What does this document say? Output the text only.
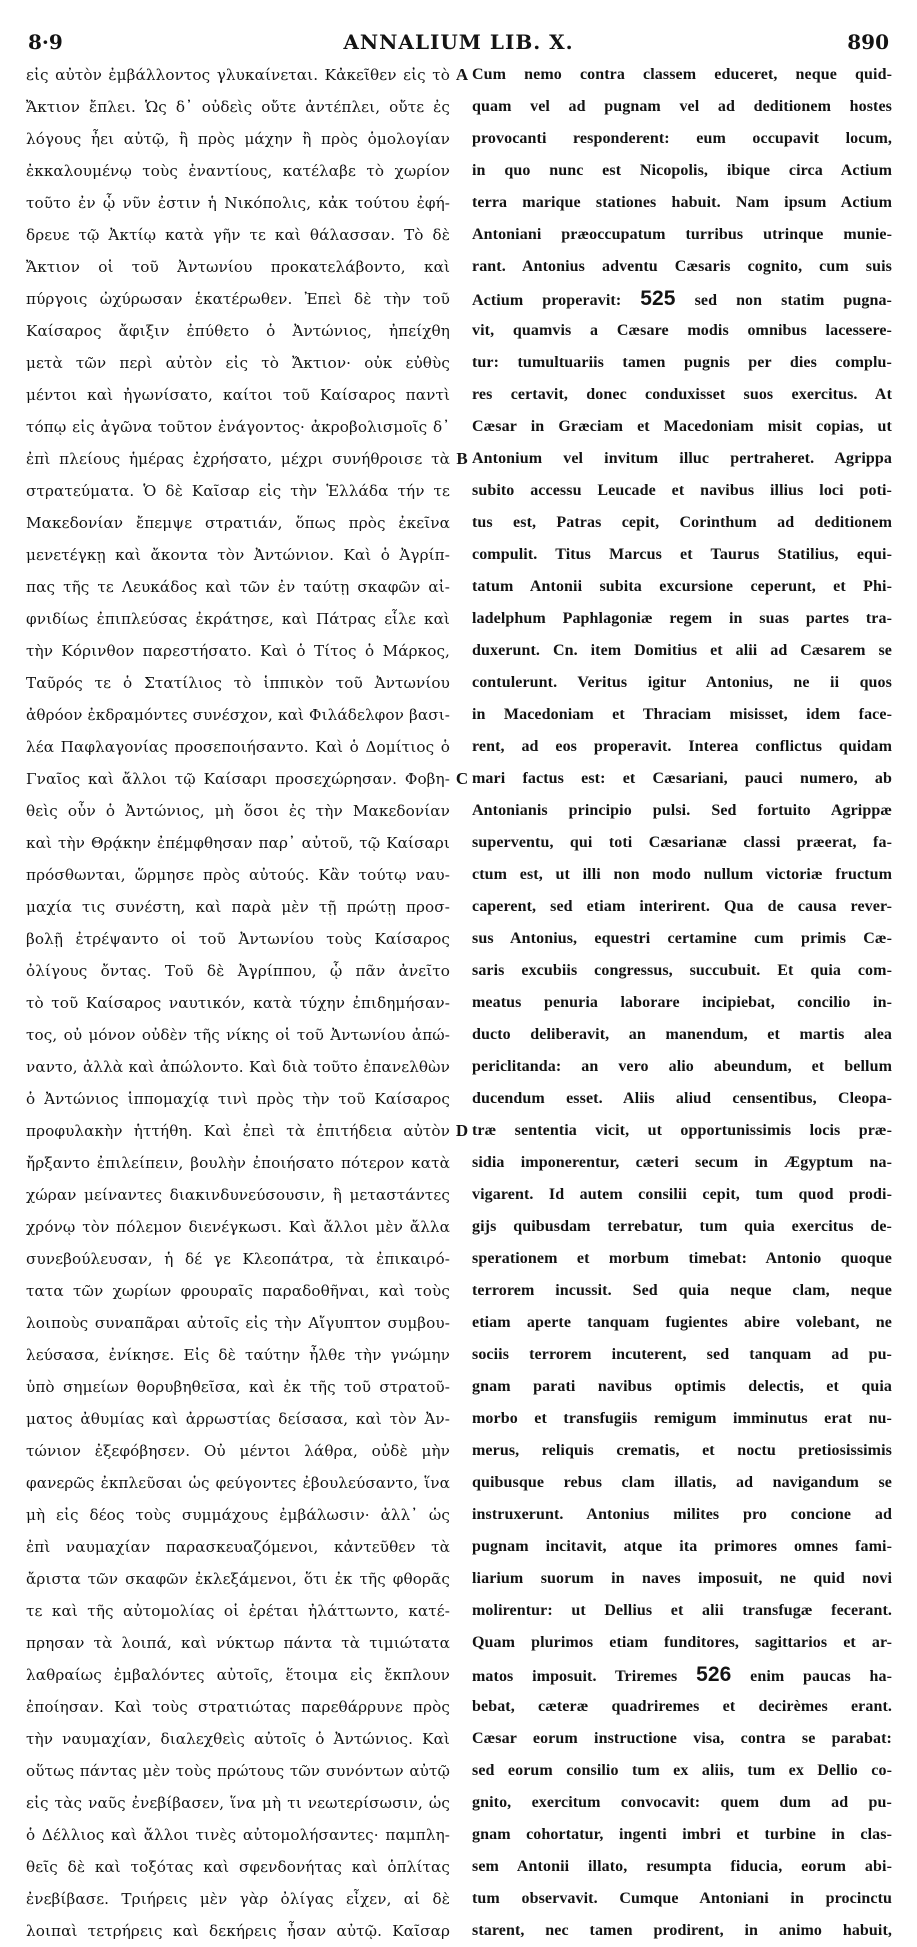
8·9	ANNALIUM LIB. X.	890
εἰς αὐτὸν ἐμβάλλοντος γλυκαίνεται. Κἀκεῖθεν εἰς τὸ
Ἄκτιον ἔπλει. Ὡς δ᾽ οὐδεὶς οὔτε ἀντέπλει, οὔτε ἐς
λόγους ἦει αὐτῷ, ἢ πρὸς μάχην ἢ πρὸς ὁμολογίαν
ἐκκαλουμένῳ τοὺς ἐναντίους, κατέλαβε τὸ χωρίον
τοῦτο ἐν ᾧ νῦν ἐστιν ἡ Νικόπολις, κἀκ τούτου ἐφή-
δρευε τῷ Ἀκτίῳ κατὰ γῆν τε καὶ θάλασσαν. Τὸ δὲ
Ἄκτιον οἱ τοῦ Ἀντωνίου προκατελάβοντο, καὶ
πύργοις ὠχύρωσαν ἑκατέρωθεν. Ἐπεὶ δὲ τὴν τοῦ
Καίσαρος ἄφιξιν ἐπύθετο ὁ Ἀντώνιος, ἠπείχθη
μετὰ τῶν περὶ αὐτὸν εἰς τὸ Ἄκτιον· οὐκ εὐθὺς
μέντοι καὶ ἠγωνίσατο, καίτοι τοῦ Καίσαρος παντὶ
τόπῳ εἰς ἀγῶνα τοῦτον ἐνάγοντος· ἀκροβολισμοῖς δ᾽
ἐπὶ πλείους ἡμέρας ἐχρήσατο, μέχρι συνήθροισε τὰ
στρατεύματα. Ὁ δὲ Καῖσαρ εἰς τὴν Ἑλλάδα τήν τε
Μακεδονίαν ἔπεμψε στρατιάν, ὅπως πρὸς ἐκεῖνα
μενετέγκῃ καὶ ἄκοντα τὸν Ἀντώνιον. Καὶ ὁ Ἀγρίπ-
πας τῆς τε Λευκάδος καὶ τῶν ἐν ταύτῃ σκαφῶν αἰ-
φνιδίως ἐπιπλεύσας ἐκράτησε, καὶ Πάτρας εἷλε καὶ
τὴν Κόρινθον παρεστήσατο. Καὶ ὁ Τίτος ὁ Μάρκος,
Ταῦρός τε ὁ Στατίλιος τὸ ἱππικὸν τοῦ Ἀντωνίου
ἀθρόον ἐκδραμόντες συνέσχον, καὶ Φιλάδελφον βασι-
λέα Παφλαγονίας προσεποιήσαντο. Καὶ ὁ Δομίτιος ὁ
Γναῖος καὶ ἄλλοι τῷ Καίσαρι προσεχώρησαν. Φοβη-
θεὶς οὖν ὁ Ἀντώνιος, μὴ ὅσοι ἐς τὴν Μακεδονίαν
καὶ τὴν Θρᾴκην ἐπέμφθησαν παρ᾽ αὐτοῦ, τῷ Καίσαρι
πρόσθωνται, ὥρμησε πρὸς αὐτούς. Κἂν τούτῳ ναυ-
μαχία τις συνέστη, καὶ παρὰ μὲν τῇ πρώτῃ προσ-
βολῇ ἐτρέψαντο οἱ τοῦ Ἀντωνίου τοὺς Καίσαρος
ὀλίγους ὄντας. Τοῦ δὲ Ἀγρίππου, ᾧ πᾶν ἀνεῖτο
τὸ τοῦ Καίσαρος ναυτικόν, κατὰ τύχην ἐπιδημήσαν-
τος, οὐ μόνον οὐδὲν τῆς νίκης οἱ τοῦ Ἀντωνίου ἀπώ-
ναντο, ἀλλὰ καὶ ἀπώλοντο. Καὶ διὰ τοῦτο ἐπανελθὼν
ὁ Ἀντώνιος ἱππομαχίᾳ τινὶ πρὸς τὴν τοῦ Καίσαρος
προφυλακὴν ἡττήθη. Καὶ ἐπεὶ τὰ ἐπιτήδεια αὐτὸν
ἤρξαντο ἐπιλείπειν, βουλὴν ἐποιήσατο πότερον κατὰ
χώραν μείναντες διακινδυνεύσουσιν, ἢ μεταστάντες
χρόνῳ τὸν πόλεμον διενέγκωσι. Καὶ ἄλλοι μὲν ἄλλα
συνεβούλευσαν, ἡ δέ γε Κλεοπάτρα, τὰ ἐπικαιρό-
τατα τῶν χωρίων φρουραῖς παραδοθῆναι, καὶ τοὺς
λοιποὺς συναπᾶραι αὐτοῖς εἰς τὴν Αἴγυπτον συμβου-
λεύσασα, ἐνίκησε. Εἰς δὲ ταύτην ἦλθε τὴν γνώμην
ὑπὸ σημείων θορυβηθεῖσα, καὶ ἐκ τῆς τοῦ στρατοῦ-
ματος ἀθυμίας καὶ ἀρρωστίας δείσασα, καὶ τὸν Ἀν-
τώνιον ἐξεφόβησεν. Οὐ μέντοι λάθρα, οὐδὲ μὴν
φανερῶς ἐκπλεῦσαι ὡς φεύγοντες ἐβουλεύσαντο, ἵνα
μὴ εἰς δέος τοὺς συμμάχους ἐμβάλωσιν· ἀλλ᾽ ὡς
ἐπὶ ναυμαχίαν παρασκευαζόμενοι, κἀντεῦθεν τὰ
ἄριστα τῶν σκαφῶν ἐκλεξάμενοι, ὅτι ἐκ τῆς φθορᾶς
τε καὶ τῆς αὐτομολίας οἱ ἐρέται ἠλάττωντο, κατέ-
πρησαν τὰ λοιπά, καὶ νύκτωρ πάντα τὰ τιμιώτατα
λαθραίως ἐμβαλόντες αὐτοῖς, ἕτοιμα εἰς ἔκπλουν
ἐποίησαν. Καὶ τοὺς στρατιώτας παρεθάρρυνε πρὸς
τὴν ναυμαχίαν, διαλεχθεὶς αὐτοῖς ὁ Ἀντώνιος. Καὶ
οὕτως πάντας μὲν τοὺς πρώτους τῶν συνόντων αὐτῷ
εἰς τὰς ναῦς ἐνεβίβασεν, ἵνα μὴ τι νεωτερίσωσιν, ὡς
ὁ Δέλλιος καὶ ἄλλοι τινὲς αὐτομολήσαντες· παμπλη-
θεῖς δὲ καὶ τοξότας καὶ σφενδονήτας καὶ ὁπλίτας
ἐνεβίβασε. Τριήρεις μὲν γὰρ ὀλίγας εἶχεν, αἱ δὲ
λοιπαὶ τετρήρεις καὶ δεκήρεις ἦσαν αὐτῷ. Καῖσαρ
Cum nemo contra classem educeret, neque quid-
quam vel ad pugnam vel ad deditionem hostes
provocanti responderent: eum occupavit locum,
in quo nunc est Nicopolis, ibique circa Actium
terra marique stationes habuit. Nam ipsum Actium
Antoniani præoccupatum turribus utrinque munie-
rant. Antonius adventu Cæsaris cognito, cum suis
Actium properavit: 525 sed non statim pugna-
vit, quamvis a Cæsare modis omnibus lacessere-
tur: tumultuariis tamen pugnis per dies complu-
res certavit, donec conduxisset suos exercitus. At
Cæsar in Græciam et Macedoniam misit copias, ut
Antonium vel invitum illuc pertraheret. Agrippa
subito accessu Leucade et navibus illius loci poti-
tus est, Patras cepit, Corinthum ad deditionem
compulit. Titus Marcus et Taurus Statilius, equi-
tatum Antonii subita excursione ceperunt, et Phi-
ladelphum Paphlagoniæ regem in suas partes tra-
duxerunt. Cn. item Domitius et alii ad Cæsarem se
contulerunt. Veritus igitur Antonius, ne ii quos
in Macedoniam et Thraciam misisset, idem face-
rent, ad eos properavit. Interea conflictus quidam
mari factus est: et Cæsariani, pauci numero, ab
Antonianis principio pulsi. Sed fortuito Agrippæ
superventu, qui toti Cæsarianæ classi præerat, fa-
ctum est, ut illi non modo nullum victoriæ fructum
caperent, sed etiam interirent. Qua de causa rever-
sus Antonius, equestri certamine cum primis Cæ-
saris excubiis congressus, succubuit. Et quia com-
meatus penuria laborare incipiebat, concilio in-
ducto deliberavit, an manendum, et martis alea
periclitanda: an vero alio abeundum, et bellum
ducendum esset. Aliis aliud censentibus, Cleopa-
træ sententia vicit, ut opportunissimis locis præ-
sidia imponerentur, cæteri secum in Ægyptum na-
vigarent. Id autem consilii cepit, tum quod prodi-
gijs quibusdam terrebatur, tum quia exercitus de-
sperationem et morbum timebat: Antonio quoque
terrorem incussit. Sed quia neque clam, neque
etiam aperte tanquam fugientes abire volebant, ne
sociis terrorem incuterent, sed tanquam ad pu-
gnam parati navibus optimis delectis, et quia
morbo et transfugiis remigum imminutus erat nu-
merus, reliquis crematis, et noctu pretiosissimis
quibusque rebus clam illatis, ad navigandum se
instruxerunt. Antonius milites pro concione ad
pugnam incitavit, atque ita primores omnes fami-
liarium suorum in naves imposuit, ne quid novi
molirentur: ut Dellius et alii transfugæ fecerant.
Quam plurimos etiam funditores, sagittarios et ar-
matos imposuit. Triremes 526 enim paucas ha-
bebat, cæteræ quadriremes et decirèmes erant.
Cæsar eorum instructione visa, contra se parabat:
sed eorum consilio tum ex aliis, tum ex Dellio co-
gnito, exercitum convocavit: quem dum ad pu-
gnam cohortatur, ingenti imbri et turbine in clas-
sem Antonii illato, resumpta fiducia, eorum abi-
tum observavit. Cumque Antoniani in procinctu
starent, nec tamen prodirent, in animo habuit,
A
B
C
D
